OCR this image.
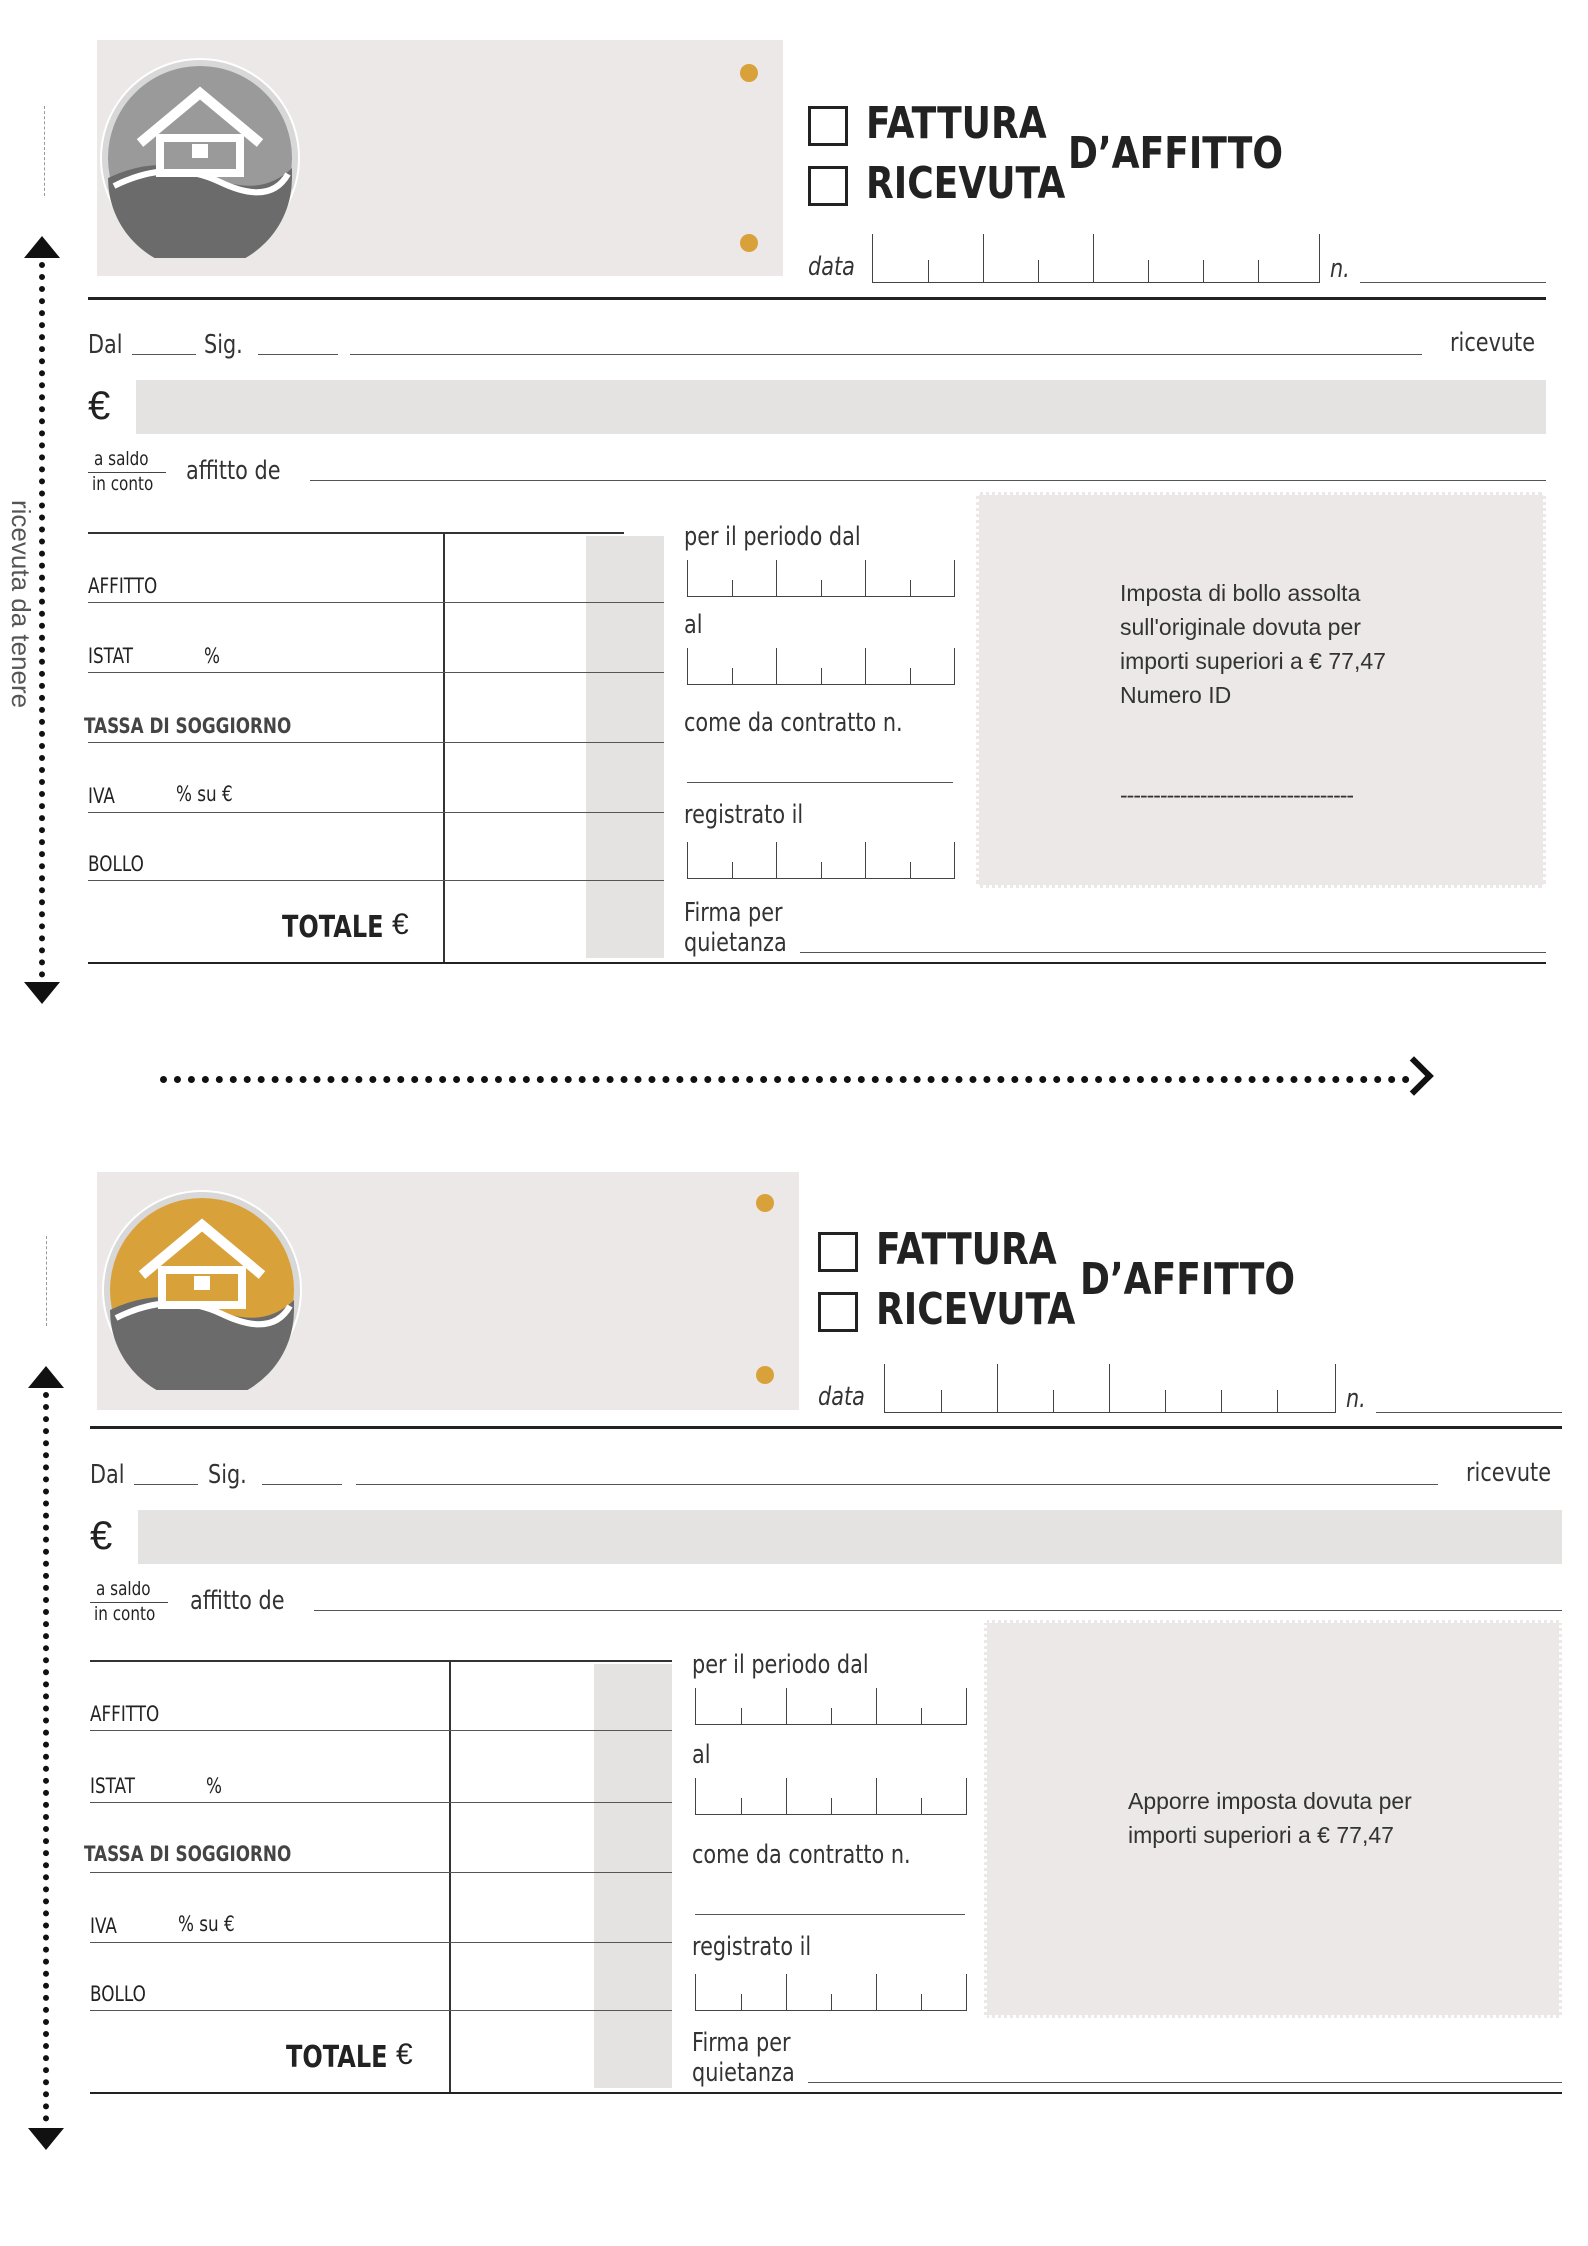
ricevuta da tenere
FATTURA
RICEVUTA
D’AFFITTO
data	n.
Dal	Sig.	ricevute
€
a saldo
in conto affitto de
AFFITTO
ISTAT	%
TASSA DI SOGGIORNO
IVA	% su €
BOLLO
TOTALE €
per il periodo dal
al
come da contratto n.
registrato il
Firma per
quietanza
Imposta di bollo assolta
sull'originale dovuta per
importi superiori a € 77,47
Numero ID
-----------------------------------
FATTURA
RICEVUTA
D’AFFITTO
data	n.
Dal	Sig.	ricevute
€
a saldo
in conto affitto de
AFFITTO
ISTAT	%
TASSA DI SOGGIORNO
IVA	% su €
BOLLO
TOTALE €
per il periodo dal
al
come da contratto n.
registrato il
Firma per
quietanza
Apporre imposta dovuta per
importi superiori a € 77,47
